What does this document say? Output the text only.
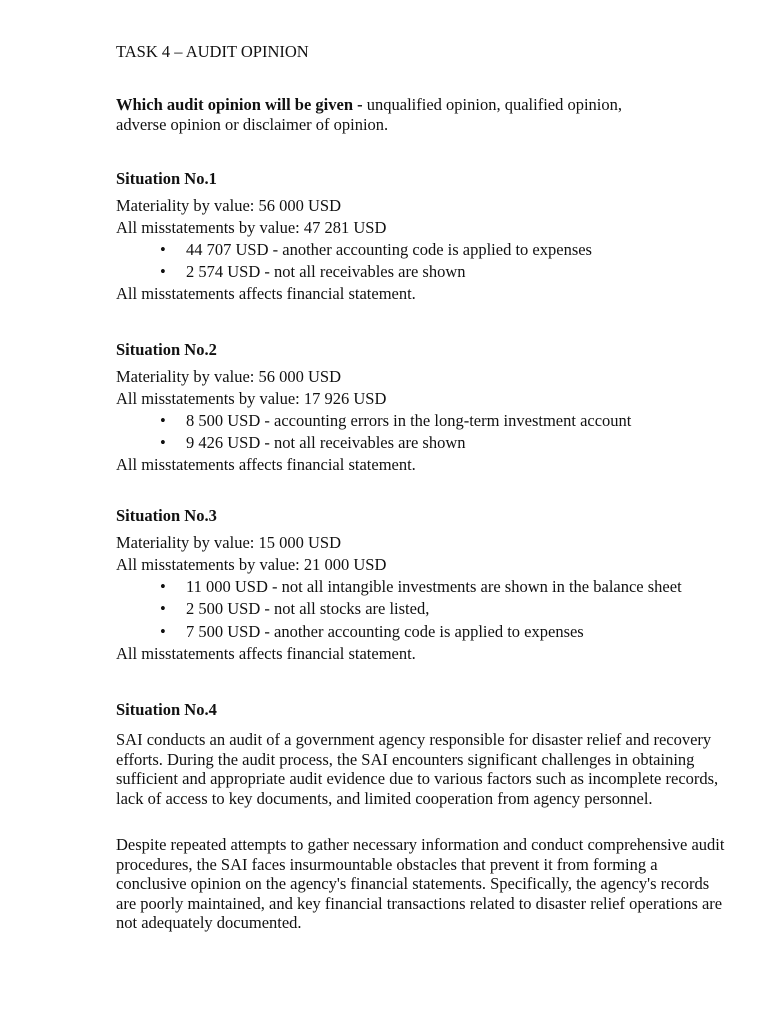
TASK 4 – AUDIT OPINION
Which audit opinion will be given - unqualified opinion, qualified opinion,
adverse opinion or disclaimer of opinion.
Situation No.1
Materiality by value: 56 000 USD
All misstatements by value: 47 281 USD
• 44 707 USD - another accounting code is applied to expenses
• 2 574 USD - not all receivables are shown
All misstatements affects financial statement.
Situation No.2
Materiality by value: 56 000 USD
All misstatements by value: 17 926 USD
• 8 500 USD - accounting errors in the long-term investment account
• 9 426 USD - not all receivables are shown
All misstatements affects financial statement.
Situation No.3
Materiality by value: 15 000 USD
All misstatements by value: 21 000 USD
• 11 000 USD - not all intangible investments are shown in the balance sheet
• 2 500 USD - not all stocks are listed,
• 7 500 USD - another accounting code is applied to expenses
All misstatements affects financial statement.
Situation No.4
SAI conducts an audit of a government agency responsible for disaster relief and recovery efforts. During the audit process, the SAI encounters significant challenges in obtaining sufficient and appropriate audit evidence due to various factors such as incomplete records, lack of access to key documents, and limited cooperation from agency personnel.
Despite repeated attempts to gather necessary information and conduct comprehensive audit procedures, the SAI faces insurmountable obstacles that prevent it from forming a conclusive opinion on the agency's financial statements. Specifically, the agency's records are poorly maintained, and key financial transactions related to disaster relief operations are not adequately documented.
